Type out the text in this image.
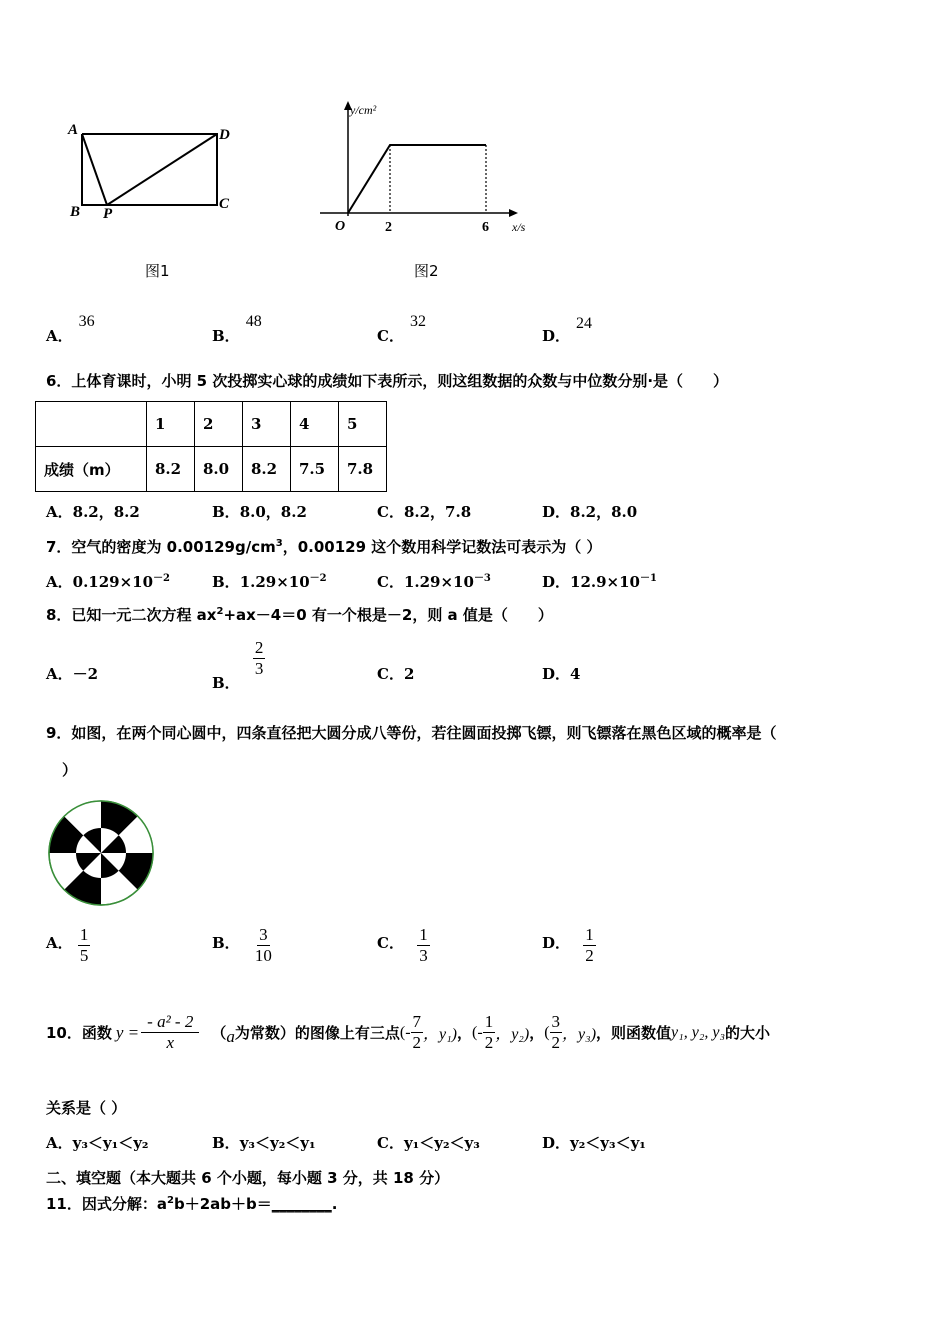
A	D
C
B P
图1
y/cm²
O	2	6 x/s
图2
A．36
B．48
C．32
D．24
6．上体育课时，小明 5 次投掷实心球的成绩如下表所示，则这组数据的众数与中位数分别·是（　　）
	1	2	3	4	5
成绩（m）	8.2	8.0	8.2	7.5	7.8
A．8.2，8.2	B．8.0，8.2	C．8.2，7.8	D．8.2，8.0
7．空气的密度为 $0.00129g/cm^3$，0.00129 这个数用科学记数法可表示为（ ）
A．$0.129\times 10^{-2}$	B．$1.29\times 10^{-2}$	C．$1.29\times 10^{-3}$	D．$12.9\times 10^{-1}$
8．已知一元二次方程 $ax^2+ax-4=0$ 有一个根是－2，则 a 值是（　　）
A．－2	B．
$\frac{2}{3}$	C．2	D．4
9．如图，在两个同心圆中，四条直径把大圆分成八等份，若往圆面投掷飞镖，则飞镖落在黑色区域的概率是（
）
A． $\frac{1}{5}$	B． $\frac{3}{10}$	C． $\frac{1}{3}$	D． $\frac{1}{2}$
10．函数 $y = \frac{\text{- a² - 2}}{x}$ （ a 为常数）的图像上有三点 (- $\frac{7}{2}$ ，y₁) ， (- $\frac{1}{2}$ ，y₂) ， ( $\frac{3}{2}$ ，y₃) ，则函数值 y₁, y₂, y₃ 的大小
关系是（ ）
A．y₃＜y₁＜y₂	B．y₃＜y₂＜y₁	C．y₁＜y₂＜y₃	D．y₂＜y₃＜y₁
二、填空题（本大题共 6 个小题，每小题 3 分，共 18 分）
11．因式分解：$a^2b+2ab+b=\_\_\_\_\_\_\_\_$.
